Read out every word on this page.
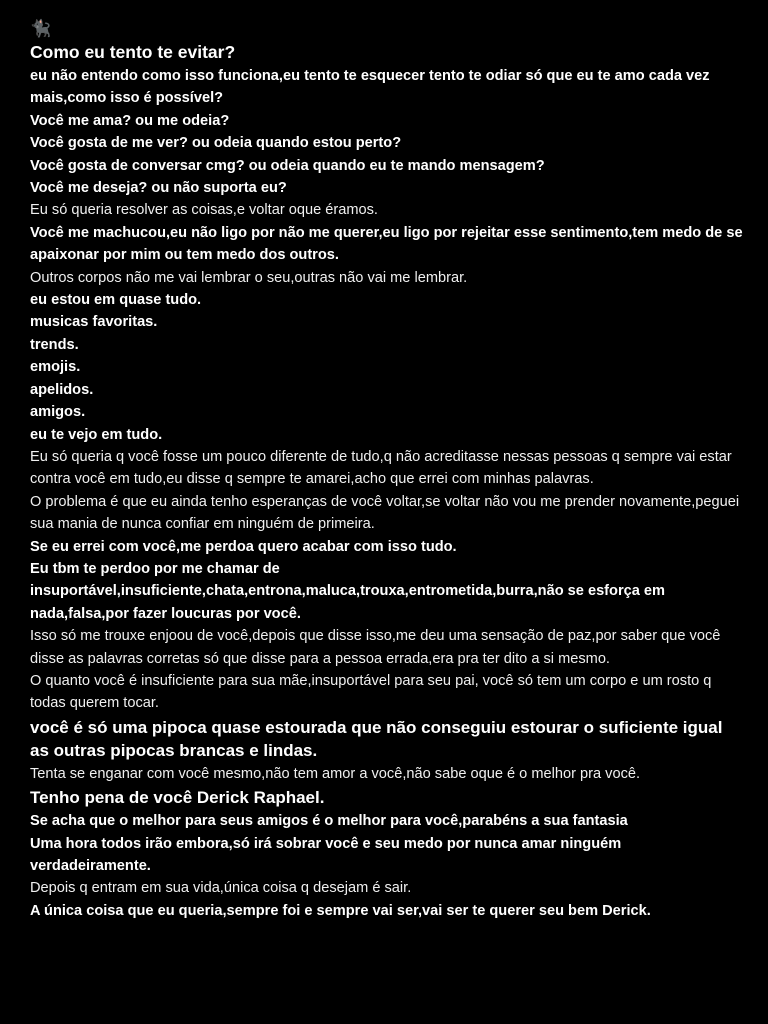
🐈‍⬛
Como eu tento te evitar?

eu não entendo como isso funciona,eu tento te esquecer tento te odiar só que eu te amo cada vez mais,como isso é possível?

Você me ama? ou me odeia?

Você gosta de me ver? ou odeia quando estou perto?

Você gosta de conversar cmg? ou odeia quando eu te mando mensagem?

Você me deseja? ou não suporta eu?

Eu só queria resolver as coisas,e voltar oque éramos.

Você me machucou,eu não ligo por não me querer,eu ligo por rejeitar esse sentimento,tem medo de se apaixonar por mim ou tem medo dos outros.

Outros corpos não me vai lembrar o seu,outras não vai me lembrar.

eu estou em quase tudo.

musicas favoritas.

trends.

emojis.

apelidos.

amigos.

eu te vejo em tudo.

Eu só queria q você fosse um pouco diferente de tudo,q não acreditasse nessas pessoas q sempre vai estar contra você em tudo,eu disse q sempre te amarei,acho que errei com minhas palavras.

O problema é que eu ainda tenho esperanças de você voltar,se voltar não vou me prender novamente,peguei sua mania de nunca confiar em ninguém de primeira.

Se eu errei com você,me perdoa quero acabar com isso tudo.

Eu tbm te perdoo por me chamar de insuportável,insuficiente,chata,entrona,maluca,trouxa,entrometida,burra,não se esforça em nada,falsa,por fazer loucuras por você.

Isso só me trouxe enjoou de você,depois que disse isso,me deu uma sensação de paz,por saber que você disse as palavras corretas só que disse para a pessoa errada,era pra ter dito a si mesmo.

O quanto você é insuficiente para sua mãe,insuportável para seu pai, você só tem um corpo e um rosto q todas querem tocar.

você é só uma pipoca quase estourada que não conseguiu estourar o suficiente igual as outras pipocas brancas e lindas.

Tenta se enganar com você mesmo,não tem amor a você,não sabe oque é o melhor pra você.

Tenho pena de você Derick Raphael.

Se acha que o melhor para seus amigos é o melhor para você,parabéns a sua fantasia

Uma hora todos irão embora,só irá sobrar você e seu medo por nunca amar ninguém verdadeiramente.

Depois q entram em sua vida,única coisa q desejam é sair.

A única coisa que eu queria,sempre foi e sempre vai ser,vai ser te querer seu bem Derick.
